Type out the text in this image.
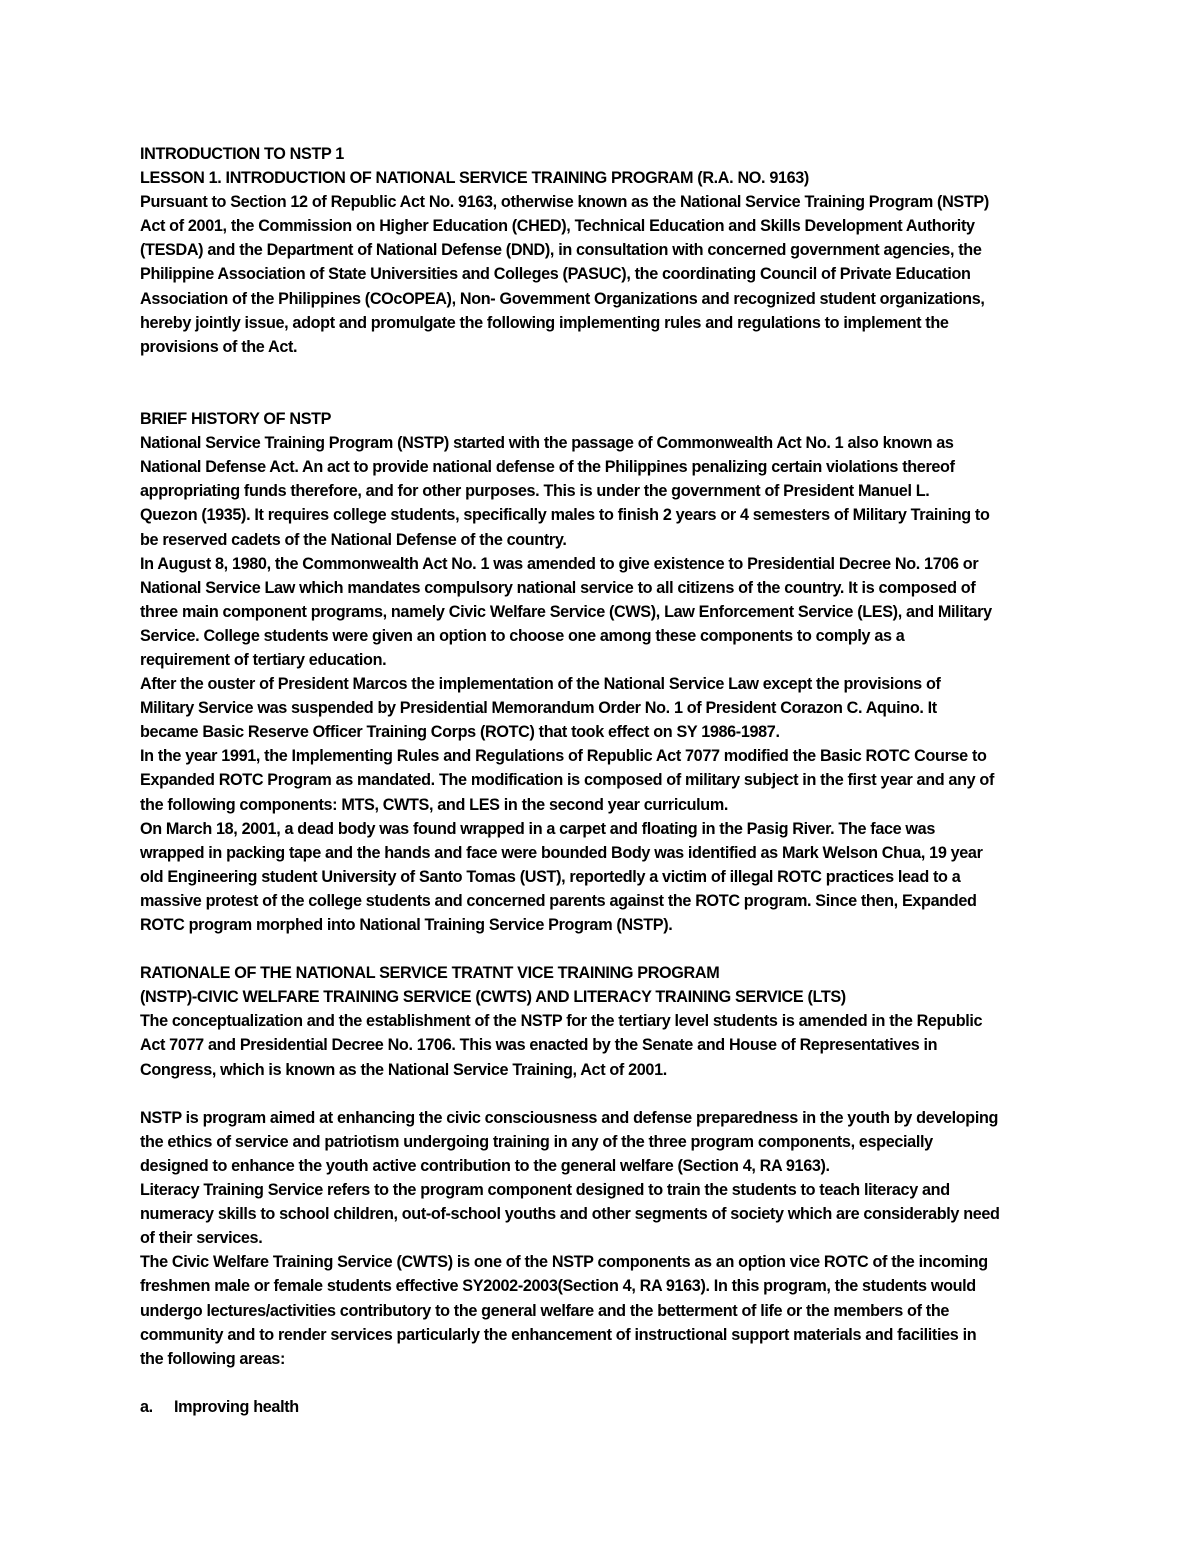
INTRODUCTION TO NSTP 1
LESSON 1. INTRODUCTION OF NATIONAL SERVICE TRAINING PROGRAM (R.A. NO. 9163)
Pursuant to Section 12 of Republic Act No. 9163, otherwise known as the National Service Training Program (NSTP)
Act of 2001, the Commission on Higher Education (CHED), Technical Education and Skills Development Authority
(TESDA) and the Department of National Defense (DND), in consultation with concerned government agencies, the
Philippine Association of State Universities and Colleges (PASUC), the coordinating Council of Private Education
Association of the Philippines (COcOPEA), Non- Govemment Organizations and recognized student organizations,
hereby jointly issue, adopt and promulgate the following implementing rules and regulations to implement the
provisions of the Act.
BRIEF HISTORY OF NSTP
National Service Training Program (NSTP) started with the passage of Commonwealth Act No. 1 also known as
National Defense Act. An act to provide national defense of the Philippines penalizing certain violations thereof
appropriating funds therefore, and for other purposes. This is under the government of President Manuel L.
Quezon (1935). It requires college students, specifically males to finish 2 years or 4 semesters of Military Training to
be reserved cadets of the National Defense of the country.
In August 8, 1980, the Commonwealth Act No. 1 was amended to give existence to Presidential Decree No. 1706 or
National Service Law which mandates compulsory national service to all citizens of the country. It is composed of
three main component programs, namely Civic Welfare Service (CWS), Law Enforcement Service (LES), and Military
Service. College students were given an option to choose one among these components to comply as a
requirement of tertiary education.
After the ouster of President Marcos the implementation of the National Service Law except the provisions of
Military Service was suspended by Presidential Memorandum Order No. 1 of President Corazon C. Aquino. It
became Basic Reserve Officer Training Corps (ROTC) that took effect on SY 1986-1987.
In the year 1991, the Implementing Rules and Regulations of Republic Act 7077 modified the Basic ROTC Course to
Expanded ROTC Program as mandated. The modification is composed of military subject in the first year and any of
the following components: MTS, CWTS, and LES in the second year curriculum.
On March 18, 2001, a dead body was found wrapped in a carpet and floating in the Pasig River. The face was
wrapped in packing tape and the hands and face were bounded Body was identified as Mark Welson Chua, 19 year
old Engineering student University of Santo Tomas (UST), reportedly a victim of illegal ROTC practices lead to a
massive protest of the college students and concerned parents against the ROTC program. Since then, Expanded
ROTC program morphed into National Training Service Program (NSTP).
RATIONALE OF THE NATIONAL SERVICE TRATNT VICE TRAINING PROGRAM
(NSTP)-CIVIC WELFARE TRAINING SERVICE (CWTS) AND LITERACY TRAINING SERVICE (LTS)
The conceptualization and the establishment of the NSTP for the tertiary level students is amended in the Republic
Act 7077 and Presidential Decree No. 1706. This was enacted by the Senate and House of Representatives in
Congress, which is known as the National Service Training, Act of 2001.
NSTP is program aimed at enhancing the civic consciousness and defense preparedness in the youth by developing
the ethics of service and patriotism undergoing training in any of the three program components, especially
designed to enhance the youth active contribution to the general welfare (Section 4, RA 9163).
Literacy Training Service refers to the program component designed to train the students to teach literacy and
numeracy skills to school children, out-of-school youths and other segments of society which are considerably need
of their services.
The Civic Welfare Training Service (CWTS) is one of the NSTP components as an option vice ROTC of the incoming
freshmen male or female students effective SY2002-2003(Section 4, RA 9163). In this program, the students would
undergo lectures/activities contributory to the general welfare and the betterment of life or the members of the
community and to render services particularly the enhancement of instructional support materials and facilities in
the following areas:
a. Improving health
